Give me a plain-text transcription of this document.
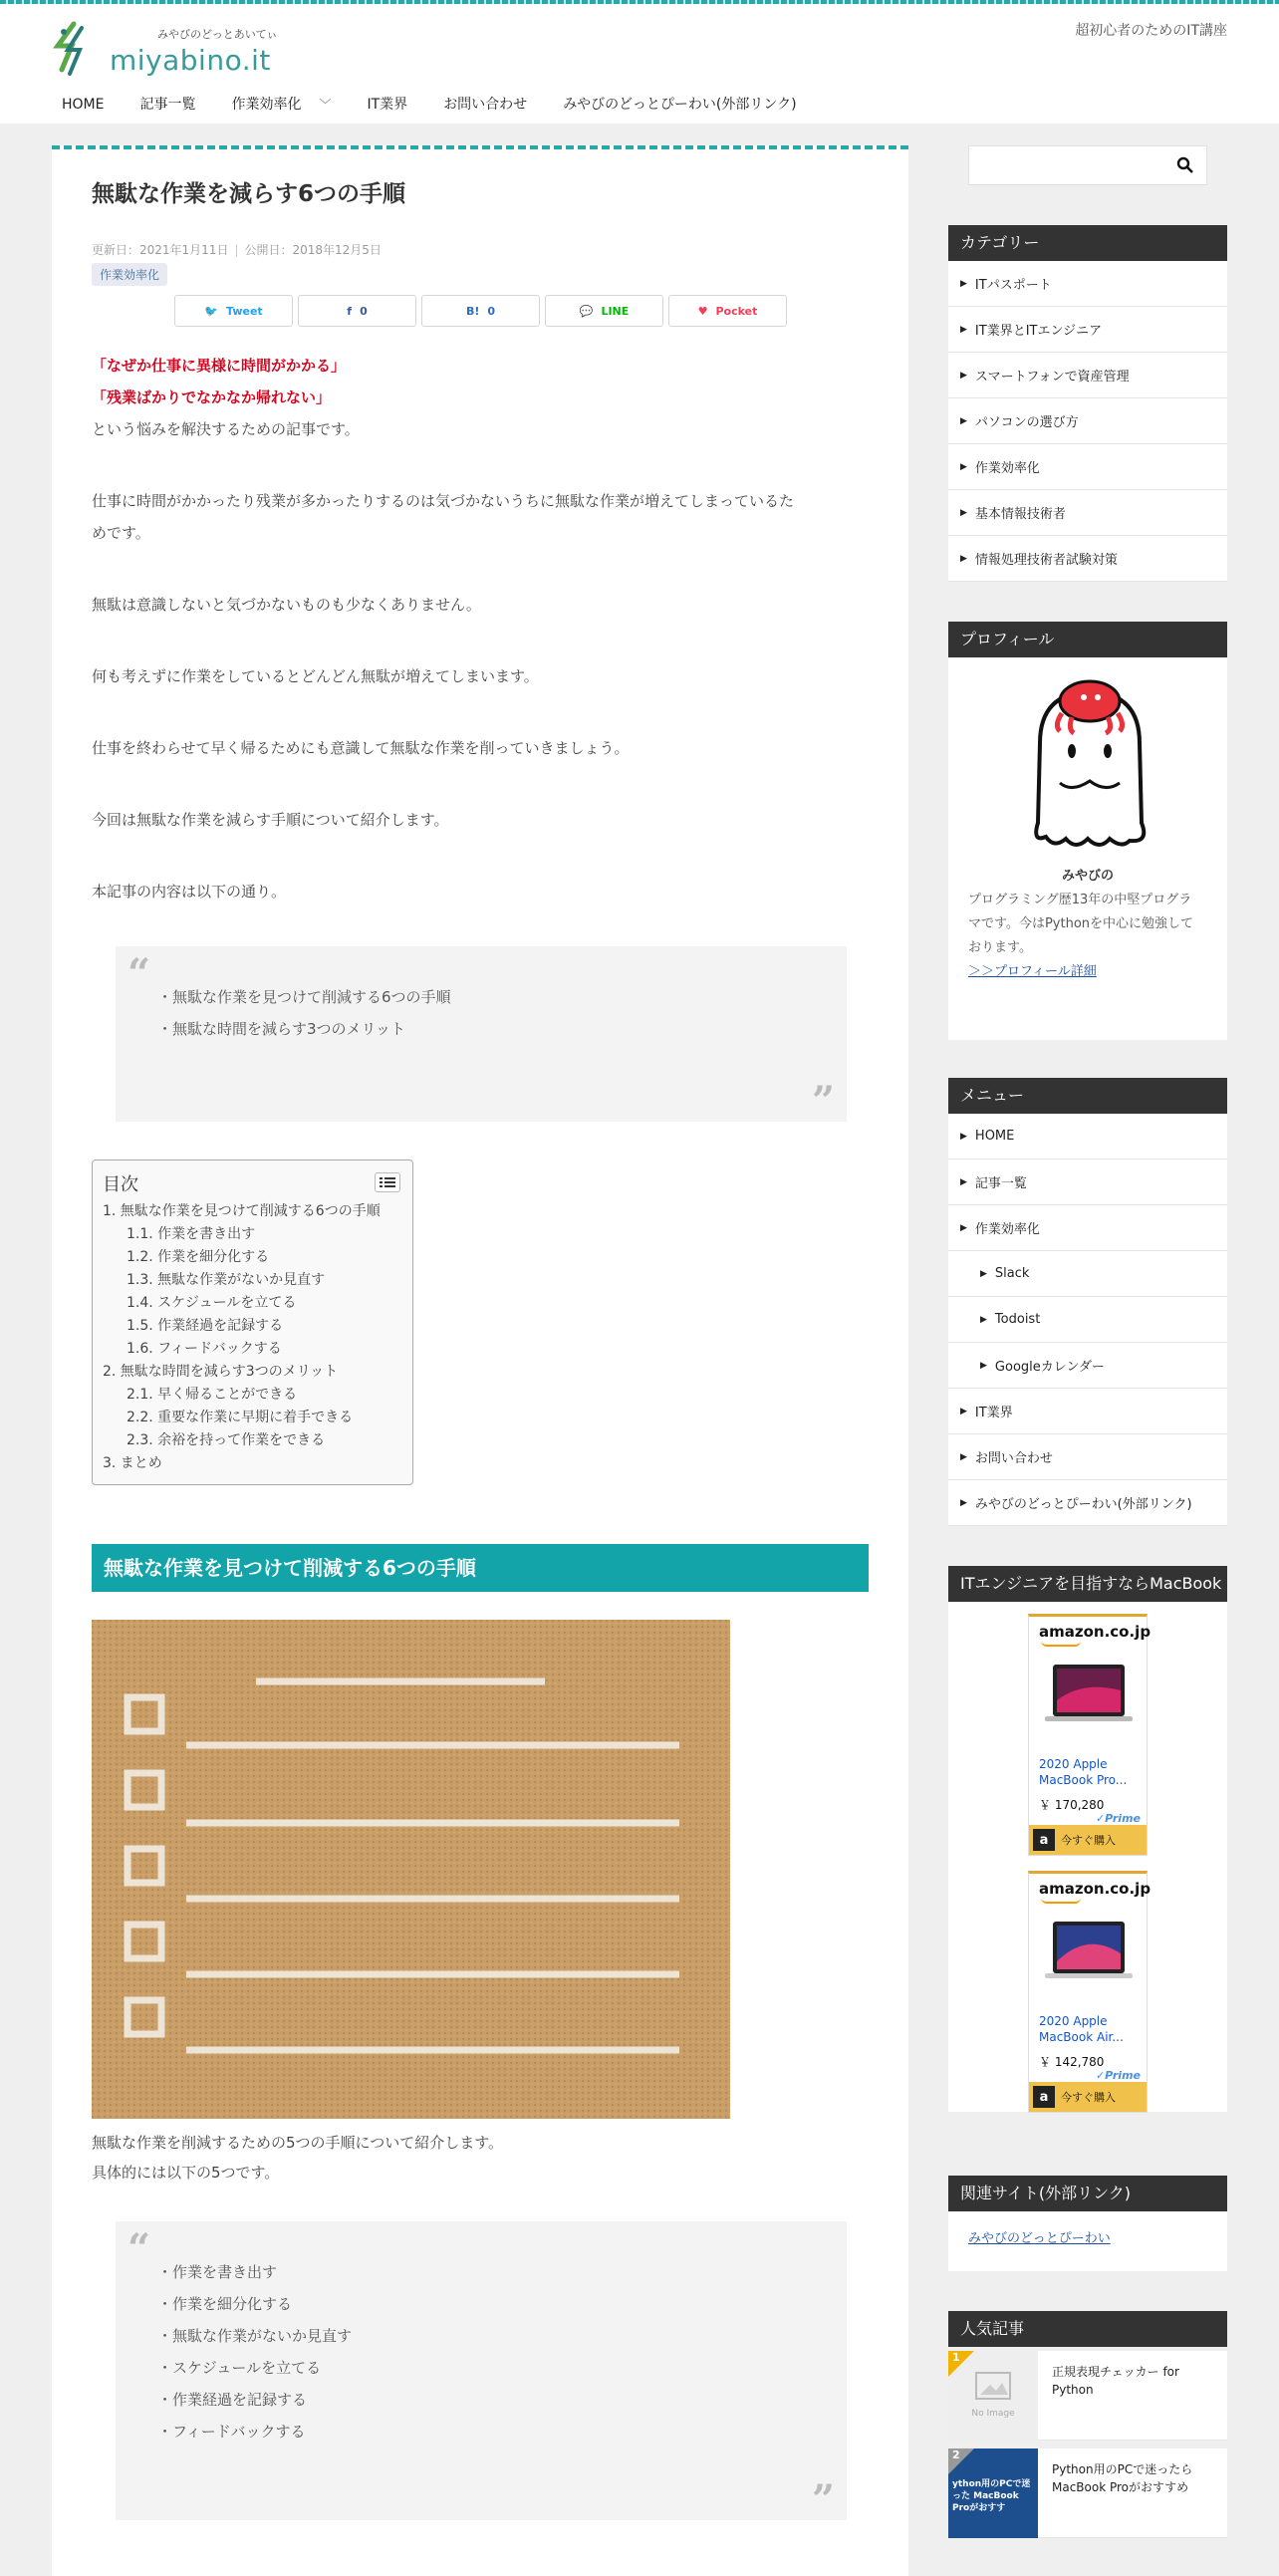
みやびのどっとあいてぃ
miyabino.it
超初心者のためのIT講座
HOME	記事一覧	作業効率化 ﹀	IT業界	お問い合わせ	みやびのどっとぴーわい(外部リンク)
無駄な作業を減らす6つの手順
更新日：2021年1月11日 | 公開日：2018年12月5日
作業効率化
🐦 Tweet	f 0	B! 0	💬 LINE	♥ Pocket
「なぜか仕事に異様に時間がかかる」
「残業ばかりでなかなか帰れない」
という悩みを解決するための記事です。
仕事に時間がかかったり残業が多かったりするのは気づかないうちに無駄な作業が増えてしまっているた
めです。
無駄は意識しないと気づかないものも少なくありません。
何も考えずに作業をしているとどんどん無駄が増えてしまいます。
仕事を終わらせて早く帰るためにも意識して無駄な作業を削っていきましょう。
今回は無駄な作業を減らす手順について紹介します。
本記事の内容は以下の通り。
“ ・無駄な作業を見つけて削減する6つの手順
・無駄な時間を減らす3つのメリット
”
目次
1. 無駄な作業を見つけて削減する6つの手順
1.1. 作業を書き出す
1.2. 作業を細分化する
1.3. 無駄な作業がないか見直す
1.4. スケジュールを立てる
1.5. 作業経過を記録する
1.6. フィードバックする
2. 無駄な時間を減らす3つのメリット
2.1. 早く帰ることができる
2.2. 重要な作業に早期に着手できる
2.3. 余裕を持って作業をできる
3. まとめ
無駄な作業を見つけて削減する6つの手順
無駄な作業を削減するための5つの手順について紹介します。
具体的には以下の5つです。
“ ・作業を書き出す
・作業を細分化する
・無駄な作業がないか見直す
・スケジュールを立てる
・作業経過を記録する
・フィードバックする
”
カテゴリー
▶ ITパスポート
▶ IT業界とITエンジニア
▶ スマートフォンで資産管理
▶ パソコンの選び方
▶ 作業効率化
▶ 基本情報技術者
▶ 情報処理技術者試験対策
プロフィール
みやびの
プログラミング歴13年の中堅プログラ
マです。今はPythonを中心に勉強して
おります。
＞＞プロフィール詳細
メニュー
▶ HOME
▶ 記事一覧
▶ 作業効率化
▶ Slack
▶ Todoist
▶ Googleカレンダー
▶ IT業界
▶ お問い合わせ
▶ みやびのどっとぴーわい(外部リンク)
ITエンジニアを目指すならMacBook
amazon.co.jp
2020 Apple MacBook Pro...
￥ 170,280
✓Prime
a	今すぐ購入
amazon.co.jp
2020 Apple MacBook Air...
￥ 142,780
✓Prime
a	今すぐ購入
関連サイト(外部リンク)
みやびのどっとぴーわい
人気記事
No Image
1
正規表現チェッカー for Python
ython用のPCで迷った MacBook Proがおすす
2
Python用のPCで迷ったらMacBook Proがおすすめ
